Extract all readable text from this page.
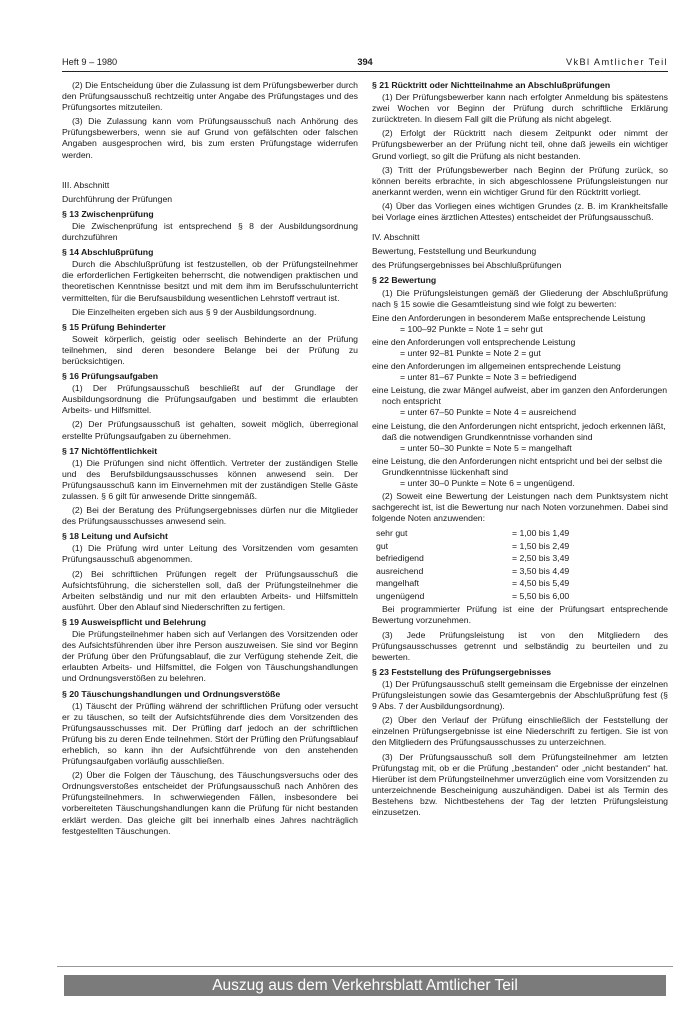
Heft 9 – 1980	394	VkBl Amtlicher Teil

(2) Die Entscheidung über die Zulassung ist dem Prüfungsbewerber durch den Prüfungsausschuß rechtzeitig unter Angabe des Prüfungstages und des Prüfungsortes mitzuteilen.

(3) Die Zulassung kann vom Prüfungsausschuß nach Anhörung des Prüfungsbewerbers, wenn sie auf Grund von gefälschten oder falschen Angaben ausgesprochen wird, bis zum ersten Prüfungstage widerrufen werden.

III. Abschnitt

Durchführung der Prüfungen

§ 13 Zwischenprüfung

Die Zwischenprüfung ist entsprechend § 8 der Ausbildungsordnung durchzuführen

§ 14 Abschlußprüfung

Durch die Abschlußprüfung ist festzustellen, ob der Prüfungsteilnehmer die erforderlichen Fertigkeiten beherrscht, die notwendigen praktischen und theoretischen Kenntnisse besitzt und mit dem ihm im Berufsschulunterricht vermittelten, für die Berufsausbildung wesentlichen Lehrstoff vertraut ist.

Die Einzelheiten ergeben sich aus § 9 der Ausbildungsordnung.

§ 15 Prüfung Behinderter

Soweit körperlich, geistig oder seelisch Behinderte an der Prüfung teilnehmen, sind deren besondere Belange bei der Prüfung zu berücksichtigen.

§ 16 Prüfungsaufgaben

(1) Der Prüfungsausschuß beschließt auf der Grundlage der Ausbildungsordnung die Prüfungsaufgaben und bestimmt die erlaubten Arbeits- und Hilfsmittel.

(2) Der Prüfungsausschuß ist gehalten, soweit möglich, überregional erstellte Prüfungsaufgaben zu übernehmen.

§ 17 Nichtöffentlichkeit

(1) Die Prüfungen sind nicht öffentlich. Vertreter der zuständigen Stelle und des Berufsbildungsausschusses können anwesend sein. Der Prüfungsausschuß kann im Einvernehmen mit der zuständigen Stelle Gäste zulassen. § 6 gilt für anwesende Dritte sinngemäß.

(2) Bei der Beratung des Prüfungsergebnisses dürfen nur die Mitglieder des Prüfungsausschusses anwesend sein.

§ 18 Leitung und Aufsicht

(1) Die Prüfung wird unter Leitung des Vorsitzenden vom gesamten Prüfungsausschuß abgenommen.

(2) Bei schriftlichen Prüfungen regelt der Prüfungsausschuß die Aufsichtsführung, die sicherstellen soll, daß der Prüfungsteilnehmer die Arbeiten selbständig und nur mit den erlaubten Arbeits- und Hilfsmitteln ausführt. Über den Ablauf sind Niederschriften zu fertigen.

§ 19 Ausweispflicht und Belehrung

Die Prüfungsteilnehmer haben sich auf Verlangen des Vorsitzenden oder des Aufsichtsführenden über ihre Person auszuweisen. Sie sind vor Beginn der Prüfung über den Prüfungsablauf, die zur Verfügung stehende Zeit, die erlaubten Arbeits- und Hilfsmittel, die Folgen von Täuschungshandlungen und Ordnungsverstößen zu belehren.

§ 20 Täuschungshandlungen und Ordnungsverstöße

(1) Täuscht der Prüfling während der schriftlichen Prüfung oder versucht er zu täuschen, so teilt der Aufsichtsführende dies dem Vorsitzenden des Prüfungsausschusses mit. Der Prüfling darf jedoch an der schriftlichen Prüfung bis zu deren Ende teilnehmen. Stört der Prüfling den Prüfungsablauf erheblich, so kann ihn der Aufsichtführende von den anstehenden Prüfungsaufgaben vorläufig ausschließen.

(2) Über die Folgen der Täuschung, des Täuschungsversuchs oder des Ordnungsverstoßes entscheidet der Prüfungsausschuß nach Anhören des Prüfungsteilnehmers. In schwerwiegenden Fällen, insbesondere bei vorbereiteten Täuschungshandlungen kann die Prüfung für nicht bestanden erklärt werden. Das gleiche gilt bei innerhalb eines Jahres nachträglich festgestellten Täuschungen.

§ 21 Rücktritt oder Nichtteilnahme an Abschlußprüfungen

(1) Der Prüfungsbewerber kann nach erfolgter Anmeldung bis spätestens zwei Wochen vor Beginn der Prüfung durch schriftliche Erklärung zurücktreten. In diesem Fall gilt die Prüfung als nicht abgelegt.

(2) Erfolgt der Rücktritt nach diesem Zeitpunkt oder nimmt der Prüfungsbewerber an der Prüfung nicht teil, ohne daß jeweils ein wichtiger Grund vorliegt, so gilt die Prüfung als nicht bestanden.

(3) Tritt der Prüfungsbewerber nach Beginn der Prüfung zurück, so können bereits erbrachte, in sich abgeschlossene Prüfungsleistungen nur anerkannt werden, wenn ein wichtiger Grund für den Rücktritt vorliegt.

(4) Über das Vorliegen eines wichtigen Grundes (z. B. im Krankheitsfalle bei Vorlage eines ärztlichen Attestes) entscheidet der Prüfungsausschuß.

IV. Abschnitt

Bewertung, Feststellung und Beurkundung

des Prüfungsergebnisses bei Abschlußprüfungen

§ 22 Bewertung

(1) Die Prüfungsleistungen gemäß der Gliederung der Abschlußprüfung nach § 15 sowie die Gesamtleistung sind wie folgt zu bewerten:

Eine den Anforderungen in besonderem Maße entsprechende Leistung
= 100–92 Punkte = Note 1 = sehr gut
eine den Anforderungen voll entsprechende Leistung
= unter 92–81 Punkte = Note 2 = gut
eine den Anforderungen im allgemeinen entsprechende Leistung
= unter 81–67 Punkte = Note 3 = befriedigend
eine Leistung, die zwar Mängel aufweist, aber im ganzen den Anforderungen noch entspricht
= unter 67–50 Punkte = Note 4 = ausreichend
eine Leistung, die den Anforderungen nicht entspricht, jedoch erkennen läßt, daß die notwendigen Grundkenntnisse vorhanden sind
= unter 50–30 Punkte = Note 5 = mangelhaft
eine Leistung, die den Anforderungen nicht entspricht und bei der selbst die Grundkenntnisse lückenhaft sind
= unter 30–0 Punkte = Note 6 = ungenügend.

(2) Soweit eine Bewertung der Leistungen nach dem Punktsystem nicht sachgerecht ist, ist die Bewertung nur nach Noten vorzunehmen. Dabei sind folgende Noten anzuwenden:

sehr gut	= 1,00 bis 1,49
gut	= 1,50 bis 2,49
befriedigend	= 2,50 bis 3,49
ausreichend	= 3,50 bis 4,49
mangelhaft	= 4,50 bis 5,49
ungenügend	= 5,50 bis 6,00

Bei programmierter Prüfung ist eine der Prüfungsart entsprechende Bewertung vorzunehmen.

(3) Jede Prüfungsleistung ist von den Mitgliedern des Prüfungsausschusses getrennt und selbständig zu beurteilen und zu bewerten.

§ 23 Feststellung des Prüfungsergebnisses

(1) Der Prüfungsausschuß stellt gemeinsam die Ergebnisse der einzelnen Prüfungsleistungen sowie das Gesamtergebnis der Abschlußprüfung fest (§ 9 Abs. 7 der Ausbildungsordnung).

(2) Über den Verlauf der Prüfung einschließlich der Feststellung der einzelnen Prüfungsergebnisse ist eine Niederschrift zu fertigen. Sie ist von den Mitgliedern des Prüfungsausschusses zu unterzeichnen.

(3) Der Prüfungsausschuß soll dem Prüfungsteilnehmer am letzten Prüfungstag mit, ob er die Prüfung „bestanden“ oder „nicht bestanden“ hat. Hierüber ist dem Prüfungsteilnehmer unverzüglich eine vom Vorsitzenden zu unterzeichnende Bescheinigung auszuhändigen. Dabei ist als Termin des Bestehens bzw. Nichtbestehens der Tag der letzten Prüfungsleistung einzusetzen.

Auszug aus dem Verkehrsblatt Amtlicher Teil
